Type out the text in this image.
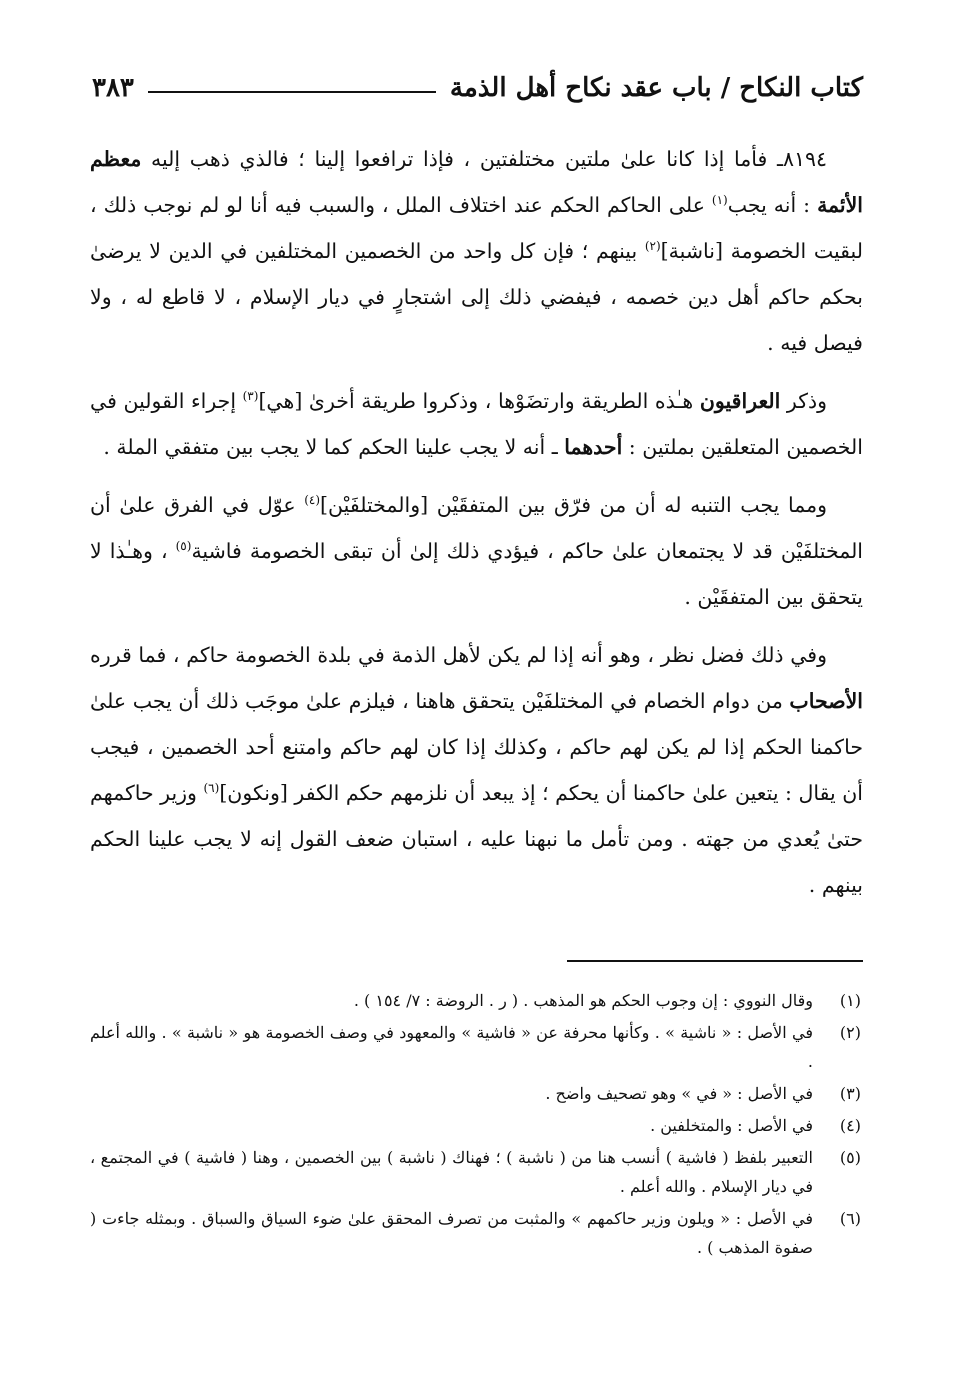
كتاب النكاح / باب عقد نكاح أهل الذمة
٣٨٣

٨١٩٤ـ فأما إذا كانا علىٰ ملتين مختلفتين ، فإذا ترافعوا إلينا ؛ فالذي ذهب إليه معظم الأئمة : أنه يجب$^{(١)}$ على الحاكم الحكم عند اختلاف الملل ، والسبب فيه أنا لو لم نوجب ذلك ، لبقيت الخصومة [ناشبة]$^{(٢)}$ بينهم ؛ فإن كل واحد من الخصمين المختلفين في الدين لا يرضىٰ بحكم حاكم أهل دين خصمه ، فيفضي ذلك إلى اشتجارٍ في ديار الإسلام ، لا قاطع له ، ولا فيصل فيه .

وذكر العراقيون هـٰذه الطريقة وارتضَوْها ، وذكروا طريقة أخرىٰ [هي]$^{(٣)}$ إجراء القولين في الخصمين المتعلقين بملتين : أحدهما ـ أنه لا يجب علينا الحكم كما لا يجب بين متفقي الملة .

ومما يجب التنبه له أن من فرّق بين المتفقَيْن [والمختلفَيْن]$^{(٤)}$ عوّل في الفرق علىٰ أن المختلفَيْن قد لا يجتمعان علىٰ حاكم ، فيؤدي ذلك إلىٰ أن تبقى الخصومة فاشية$^{(٥)}$ ، وهـٰذا لا يتحقق بين المتفقَيْن .

وفي ذلك فضل نظر ، وهو أنه إذا لم يكن لأهل الذمة في بلدة الخصومة حاكم ، فما قرره الأصحاب من دوام الخصام في المختلفَيْن يتحقق هاهنا ، فيلزم علىٰ موجَب ذلك أن يجب علىٰ حاكمنا الحكم إذا لم يكن لهم حاكم ، وكذلك إذا كان لهم حاكم وامتنع أحد الخصمين ، فيجب أن يقال : يتعين علىٰ حاكمنا أن يحكم ؛ إذ يبعد أن نلزمهم حكم الكفر [ونكون]$^{(٦)}$ وزير حاكمهم حتىٰ يُعدي من جهته . ومن تأمل ما نبهنا عليه ، استبان ضعف القول إنه لا يجب علينا الحكم بينهم .

(١)
وقال النووي : إن وجوب الحكم هو المذهب . ( ر . الروضة : ٧/ ١٥٤ ) .
(٢)
في الأصل : « ناشية » . وكأنها محرفة عن « فاشية » والمعهود في وصف الخصومة هو « ناشبة » . والله أعلم .
(٣)
في الأصل : « في » وهو تصحيف واضح .
(٤)
في الأصل : والمتخلفين .
(٥)
التعبير بلفظ ( فاشية ) أنسب هنا من ( ناشبة ) ؛ فهناك ( ناشبة ) بين الخصمين ، وهنا ( فاشية ) في المجتمع ، في ديار الإسلام . والله أعلم .
(٦)
في الأصل : « ويلون وزير حاكمهم » والمثبت من تصرف المحقق علىٰ ضوء السياق والسباق . وبمثله جاءت ( صفوة المذهب ) .
